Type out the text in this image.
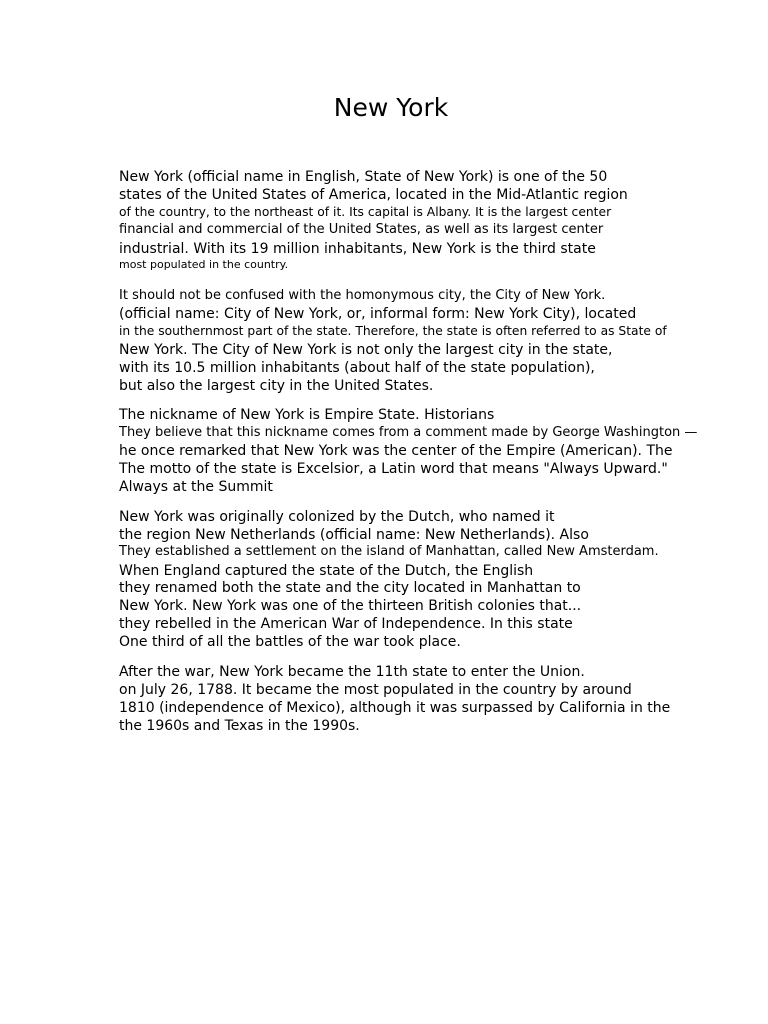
New York
New York (official name in English, State of New York) is one of the 50
states of the United States of America, located in the Mid-Atlantic region
of the country, to the northeast of it. Its capital is Albany. It is the largest center
financial and commercial of the United States, as well as its largest center
industrial. With its 19 million inhabitants, New York is the third state
most populated in the country.
It should not be confused with the homonymous city, the City of New York.
(official name: City of New York, or, informal form: New York City), located
in the southernmost part of the state. Therefore, the state is often referred to as State of
New York. The City of New York is not only the largest city in the state,
with its 10.5 million inhabitants (about half of the state population),
but also the largest city in the United States.
The nickname of New York is Empire State. Historians
They believe that this nickname comes from a comment made by George Washington —
he once remarked that New York was the center of the Empire (American). The
The motto of the state is Excelsior, a Latin word that means "Always Upward."
Always at the Summit
New York was originally colonized by the Dutch, who named it
the region New Netherlands (official name: New Netherlands). Also
They established a settlement on the island of Manhattan, called New Amsterdam.
When England captured the state of the Dutch, the English
they renamed both the state and the city located in Manhattan to
New York. New York was one of the thirteen British colonies that...
they rebelled in the American War of Independence. In this state
One third of all the battles of the war took place.
After the war, New York became the 11th state to enter the Union.
on July 26, 1788. It became the most populated in the country by around
1810 (independence of Mexico), although it was surpassed by California in the
the 1960s and Texas in the 1990s.
